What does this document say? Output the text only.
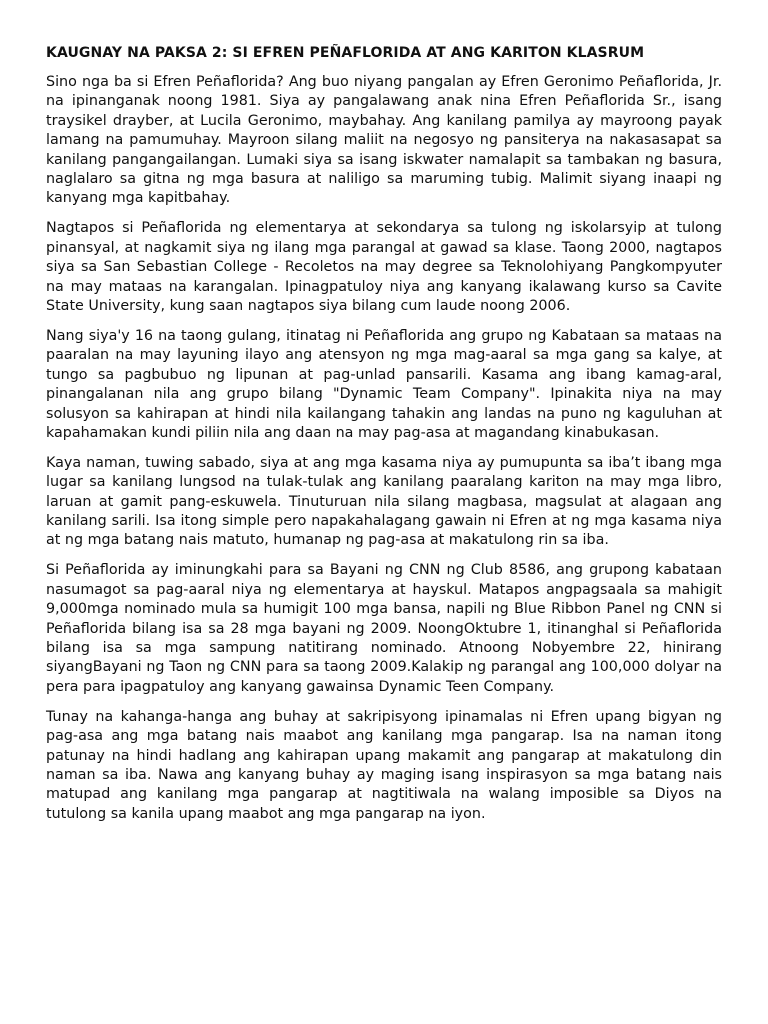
KAUGNAY NA PAKSA 2: SI EFREN PEÑAFLORIDA AT ANG KARITON KLASRUM

Sino nga ba si Efren Peñaflorida? Ang buo niyang pangalan ay Efren Geronimo Peñaflorida, Jr. na ipinanganak noong 1981. Siya ay pangalawang anak nina Efren Peñaflorida Sr., isang traysikel drayber, at Lucila Geronimo, maybahay. Ang kanilang pamilya ay mayroong payak lamang na pamumuhay. Mayroon silang maliit na negosyo ng pansiterya na nakasasapat sa kanilang pangangailangan. Lumaki siya sa isang iskwater namalapit sa tambakan ng basura, naglalaro sa gitna ng mga basura at naliligo sa maruming tubig. Malimit siyang inaapi ng kanyang mga kapitbahay.

Nagtapos si Peñaflorida ng elementarya at sekondarya sa tulong ng iskolarsyip at tulong pinansyal, at nagkamit siya ng ilang mga parangal at gawad sa klase. Taong 2000, nagtapos siya sa San Sebastian College - Recoletos na may degree sa Teknolohiyang Pangkompyuter na may mataas na karangalan. Ipinagpatuloy niya ang kanyang ikalawang kurso sa Cavite State University, kung saan nagtapos siya bilang cum laude noong 2006.

Nang siya'y 16 na taong gulang, itinatag ni Peñaflorida ang grupo ng Kabataan sa mataas na paaralan na may layuning ilayo ang atensyon ng mga mag-aaral sa mga gang sa kalye, at tungo sa pagbubuo ng lipunan at pag-unlad pansarili. Kasama ang ibang kamag-aral, pinangalanan nila ang grupo bilang "Dynamic Team Company". Ipinakita niya na may solusyon sa kahirapan at hindi nila kailangang tahakin ang landas na puno ng kaguluhan at kapahamakan kundi piliin nila ang daan na may pag-asa at magandang kinabukasan.

Kaya naman, tuwing sabado, siya at ang mga kasama niya ay pumupunta sa iba’t ibang mga lugar sa kanilang lungsod na tulak-tulak ang kanilang paaralang kariton na may mga libro, laruan at gamit pang-eskuwela. Tinuturuan nila silang magbasa, magsulat at alagaan ang kanilang sarili. Isa itong simple pero napakahalagang gawain ni Efren at ng mga kasama niya at ng mga batang nais matuto, humanap ng pag-asa at makatulong rin sa iba.

Si Peñaflorida ay iminungkahi para sa Bayani ng CNN ng Club 8586, ang grupong kabataan nasumagot sa pag-aaral niya ng elementarya at hayskul. Matapos angpagsaala sa mahigit 9,000mga nominado mula sa humigit 100 mga bansa, napili ng Blue Ribbon Panel ng CNN si Peñaflorida bilang isa sa 28 mga bayani ng 2009. NoongOktubre 1, itinanghal si Peñaflorida bilang isa sa mga sampung natitirang nominado. Atnoong Nobyembre 22, hinirang siyangBayani ng Taon ng CNN para sa taong 2009.Kalakip ng parangal ang 100,000 dolyar na pera para ipagpatuloy ang kanyang gawainsa Dynamic Teen Company.

Tunay na kahanga-hanga ang buhay at sakripisyong ipinamalas ni Efren upang bigyan ng pag-asa ang mga batang nais maabot ang kanilang mga pangarap. Isa na naman itong patunay na hindi hadlang ang kahirapan upang makamit ang pangarap at makatulong din naman sa iba. Nawa ang kanyang buhay ay maging isang inspirasyon sa mga batang nais matupad ang kanilang mga pangarap at nagtitiwala na walang imposible sa Diyos na tutulong sa kanila upang maabot ang mga pangarap na iyon.
